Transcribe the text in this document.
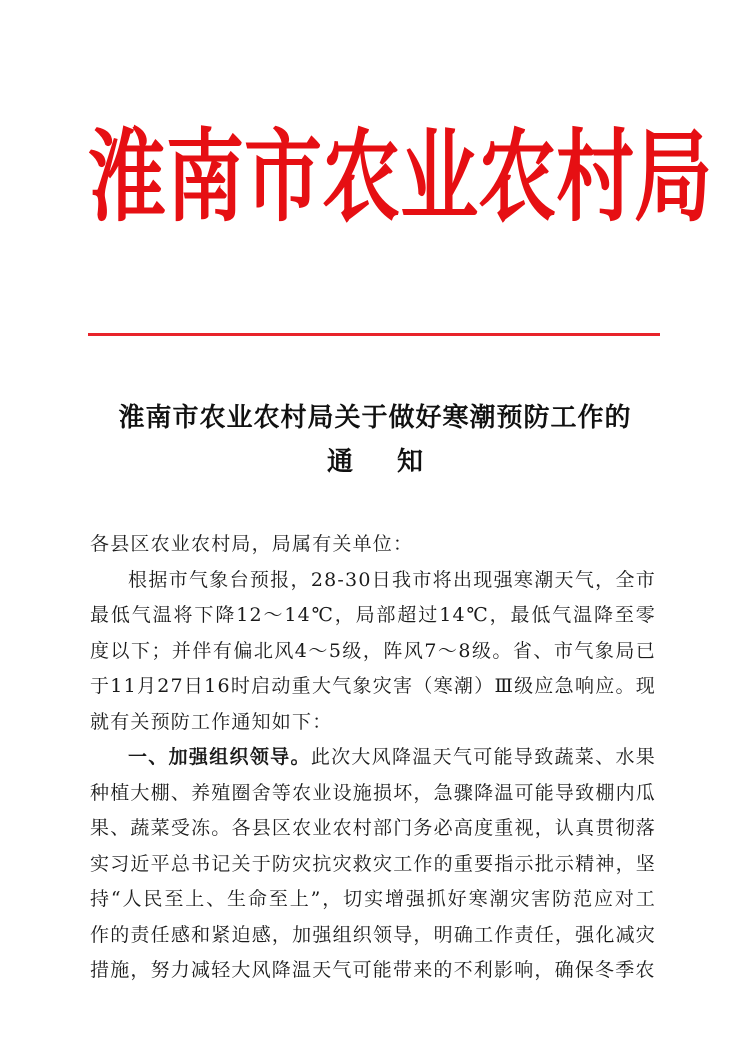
淮 南 市 农 业 农 村 局
淮南市农业农村局关于做好寒潮预防工作的
通知

各县区农业农村局，局属有关单位：

根据市气象台预报，28-30日我市将出现强寒潮天气，全市最低气温将下降12～14℃，局部超过14℃，最低气温降至零度以下；并伴有偏北风4～5级，阵风7～8级。省、市气象局已于11月27日16时启动重大气象灾害（寒潮）Ⅲ级应急响应。现就有关预防工作通知如下：

一、加强组织领导。此次大风降温天气可能导致蔬菜、水果种植大棚、养殖圈舍等农业设施损坏，急骤降温可能导致棚内瓜果、蔬菜受冻。各县区农业农村部门务必高度重视，认真贯彻落实习近平总书记关于防灾抗灾救灾工作的重要指示批示精神，坚持“人民至上、生命至上”，切实增强抓好寒潮灾害防范应对工作的责任感和紧迫感，加强组织领导，明确工作责任，强化减灾措施，努力减轻大风降温天气可能带来的不利影响，确保冬季农
